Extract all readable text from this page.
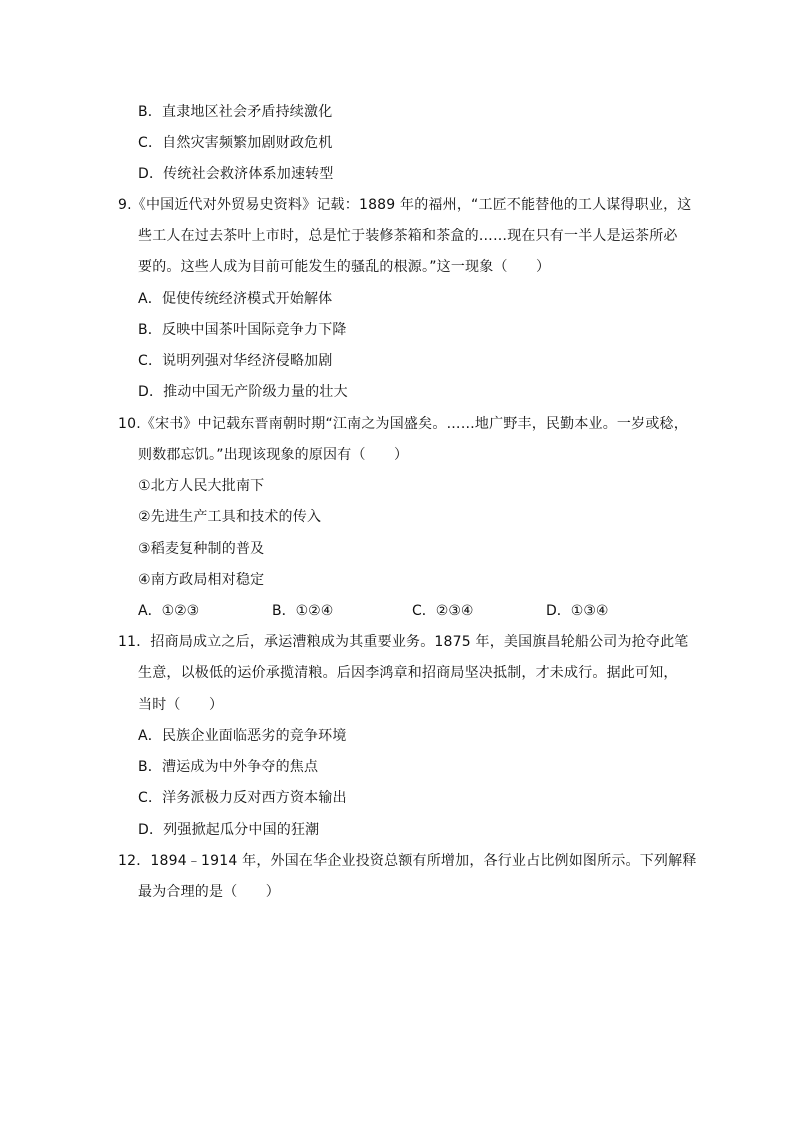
B．直隶地区社会矛盾持续激化
C．自然灾害频繁加剧财政危机
D．传统社会救济体系加速转型
9.《中国近代对外贸易史资料》记载：1889 年的福州，“工匠不能替他的工人谋得职业，这
些工人在过去茶叶上市时，总是忙于装修茶箱和茶盒的……现在只有一半人是运茶所必
要的。这些人成为目前可能发生的骚乱的根源。”这一现象（　　）
A．促使传统经济模式开始解体
B．反映中国茶叶国际竞争力下降
C．说明列强对华经济侵略加剧
D．推动中国无产阶级力量的壮大
10.《宋书》中记载东晋南朝时期“江南之为国盛矣。……地广野丰，民勤本业。一岁或稔，
则数郡忘饥。”出现该现象的原因有（　　）
①北方人民大批南下
②先进生产工具和技术的传入
③稻麦复种制的普及
④南方政局相对稳定
A．①②③	B．①②④	C．②③④	D．①③④
11．招商局成立之后，承运漕粮成为其重要业务。1875 年，美国旗昌轮船公司为抢夺此笔
生意，以极低的运价承揽清粮。后因李鸿章和招商局坚决抵制，才未成行。据此可知，
当时（　　）
A．民族企业面临恶劣的竞争环境
B．漕运成为中外争夺的焦点
C．洋务派极力反对西方资本输出
D．列强掀起瓜分中国的狂潮
12．1894﹣1914 年，外国在华企业投资总额有所增加，各行业占比例如图所示。下列解释
最为合理的是（　　）
